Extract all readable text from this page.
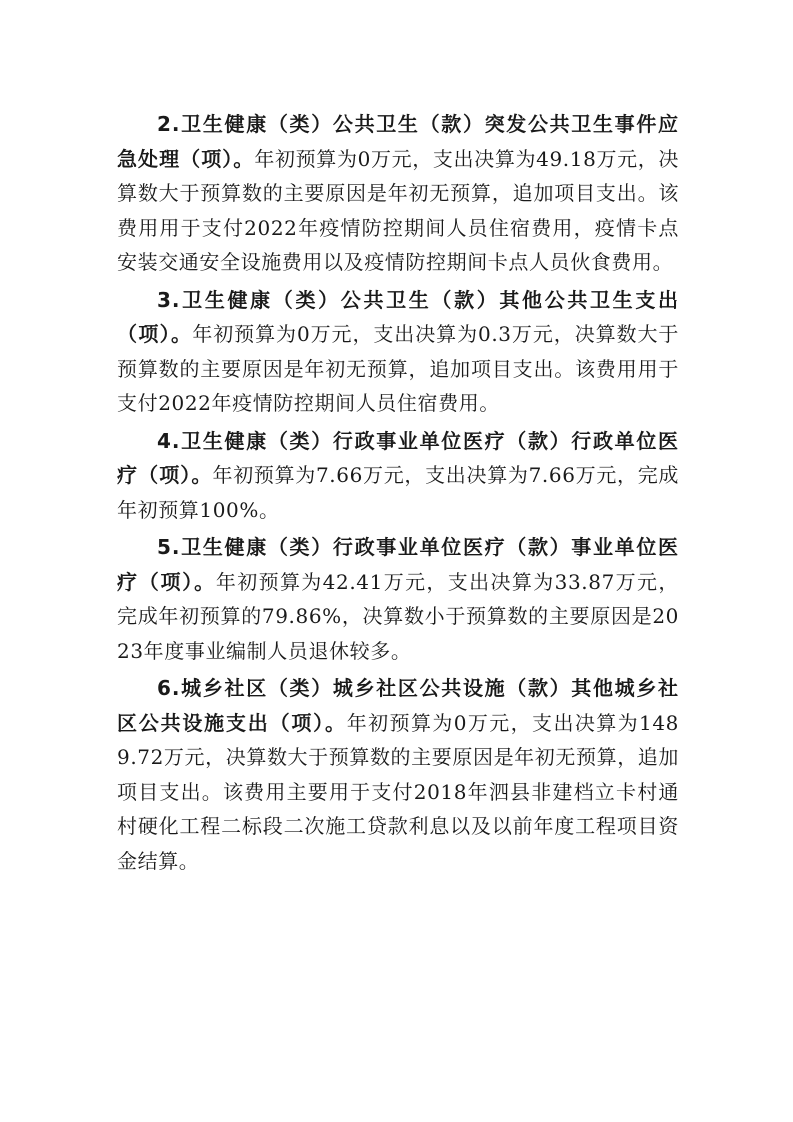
2.卫生健康（类）公共卫生（款）突发公共卫生事件应急处理（项）。年初预算为0万元，支出决算为49.18万元，决算数大于预算数的主要原因是年初无预算，追加项目支出。该费用用于支付2022年疫情防控期间人员住宿费用，疫情卡点安装交通安全设施费用以及疫情防控期间卡点人员伙食费用。

3.卫生健康（类）公共卫生（款）其他公共卫生支出（项）。年初预算为0万元，支出决算为0.3万元，决算数大于预算数的主要原因是年初无预算，追加项目支出。该费用用于支付2022年疫情防控期间人员住宿费用。

4.卫生健康（类）行政事业单位医疗（款）行政单位医疗（项）。年初预算为7.66万元，支出决算为7.66万元，完成年初预算100%。

5.卫生健康（类）行政事业单位医疗（款）事业单位医疗（项）。年初预算为42.41万元，支出决算为33.87万元，完成年初预算的79.86%，决算数小于预算数的主要原因是2023年度事业编制人员退休较多。

6.城乡社区（类）城乡社区公共设施（款）其他城乡社区公共设施支出（项）。年初预算为0万元，支出决算为1489.72万元，决算数大于预算数的主要原因是年初无预算，追加项目支出。该费用主要用于支付2018年泗县非建档立卡村通村硬化工程二标段二次施工贷款利息以及以前年度工程项目资金结算。
